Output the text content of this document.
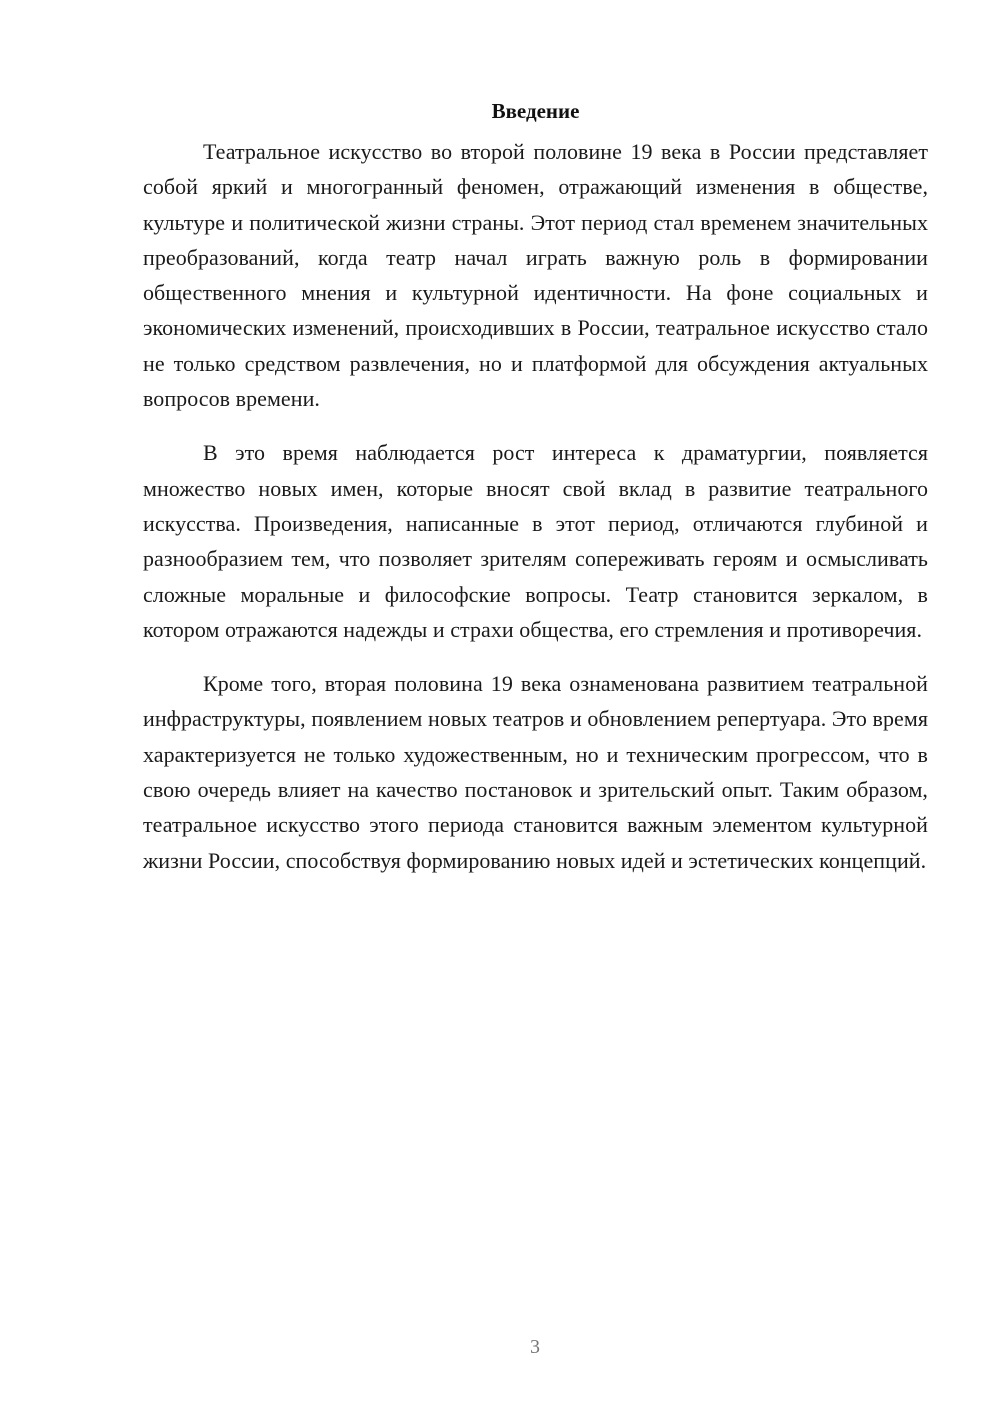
Введение

Театральное искусство во второй половине 19 века в России представляет собой яркий и многогранный феномен, отражающий изменения в обществе, культуре и политической жизни страны. Этот период стал временем значительных преобразований, когда театр начал играть важную роль в формировании общественного мнения и культурной идентичности. На фоне социальных и экономических изменений, происходивших в России, театральное искусство стало не только средством развлечения, но и платформой для обсуждения актуальных вопросов времени.

В это время наблюдается рост интереса к драматургии, появляется множество новых имен, которые вносят свой вклад в развитие театрального искусства. Произведения, написанные в этот период, отличаются глубиной и разнообразием тем, что позволяет зрителям сопереживать героям и осмысливать сложные моральные и философские вопросы. Театр становится зеркалом, в котором отражаются надежды и страхи общества, его стремления и противоречия.

Кроме того, вторая половина 19 века ознаменована развитием театральной инфраструктуры, появлением новых театров и обновлением репертуара. Это время характеризуется не только художественным, но и техническим прогрессом, что в свою очередь влияет на качество постановок и зрительский опыт. Таким образом, театральное искусство этого периода становится важным элементом культурной жизни России, способствуя формированию новых идей и эстетических концепций.

3
